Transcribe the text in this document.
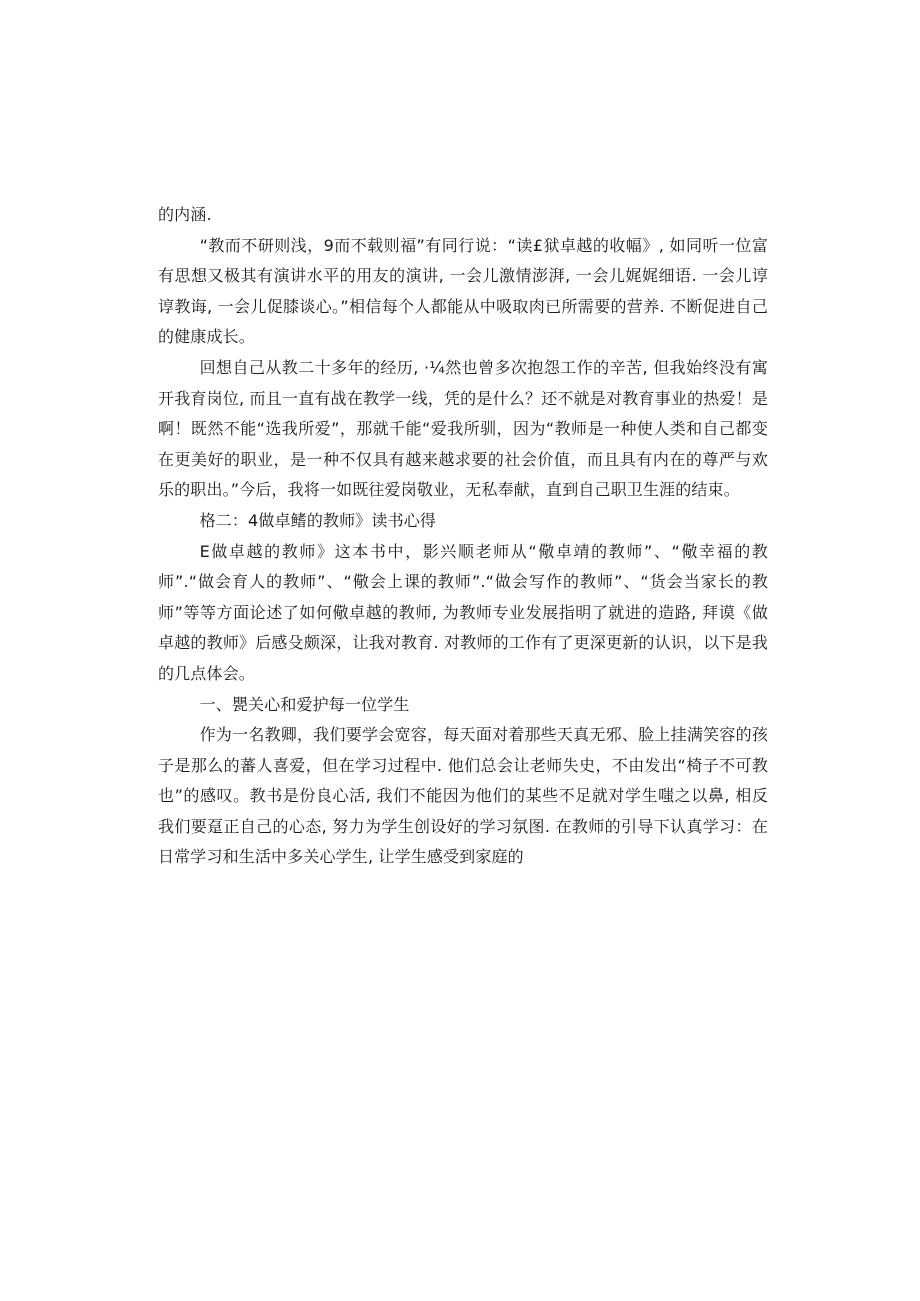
的内涵.

“教而不研则浅，9而不载则福”有同行说：“读£狱卓越的收幅》, 如同听一位富有思想又极其有演讲水平的用友的演讲, 一会儿激情澎湃, 一会儿娓娓细语. 一会儿谆谆教诲, 一会儿促膝谈心。”相信每个人都能从中吸取肉已所需要的营养. 不断促进自己的健康成长。

回想自己从教二十多年的经历, ·¼然也曾多次抱怨工作的辛苦, 但我始终没有寓开我育岗位, 而且一直有战在教学一线，凭的是什么？还不就是对教育事业的热爱！是啊！既然不能“选我所爱”，那就千能“爱我所驯，因为“教师是一种使人类和自己都变在更美好的职业，是一种不仅具有越来越求要的社会价值，而且具有内在的尊严与欢乐的职出。”今后，我将一如既往爱岗敬业，无私奉献，直到自己职卫生涯的结束。

格二：4做卓鳍的教师》读书心得

E做卓越的教师》这本书中，影兴顺老师从“儆卓靖的教师”、“儆幸福的教师”.“做会育人的教师”、“儆会上课的教师”.“做会写作的教师”、“货会当家长的教师”等等方面论述了如何儆卓越的教师, 为教师专业发展指明了就进的造路, 拜谟《做卓越的教师》后感殳颇深，让我对教育. 对教师的工作有了更深更新的认识，以下是我的几点体会。

一、甖关心和爱护每一位学生

作为一名教卿，我们要学会宽容，每天面对着那些天真无邪、脸上挂满笑容的孩子是那么的蕃人喜爱，但在学习过程中. 他们总会让老师失史，不由发出“椅子不可教也”的感叹。教书是份良心活, 我们不能因为他们的某些不足就对学生嗤之以鼻, 相反我们要趸正自己的心态, 努力为学生创设好的学习氛图. 在教师的引导下认真学习：在日常学习和生活中多关心学生, 让学生感受到家庭的
